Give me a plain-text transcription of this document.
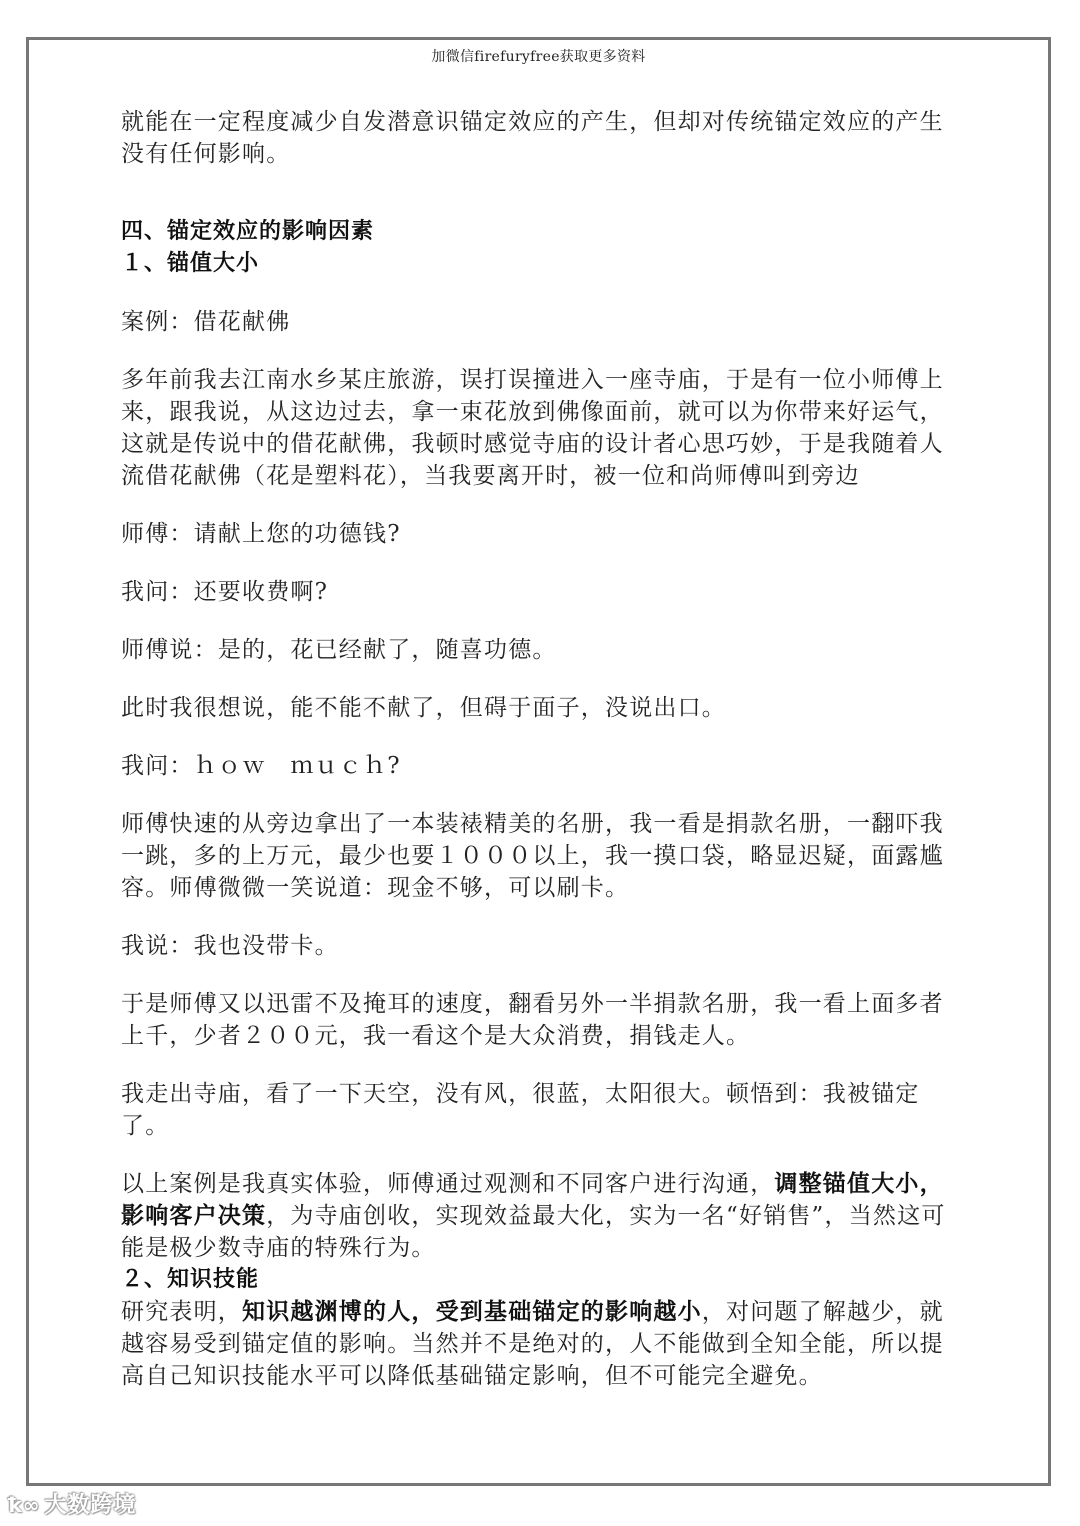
加微信firefuryfree获取更多资料

就能在一定程度减少自发潜意识锚定效应的产生，但却对传统锚定效应的产生没有任何影响。

四、锚定效应的影响因素

１、锚值大小

案例：借花献佛

多年前我去江南水乡某庄旅游，误打误撞进入一座寺庙，于是有一位小师傅上来，跟我说，从这边过去，拿一束花放到佛像面前，就可以为你带来好运气，这就是传说中的借花献佛，我顿时感觉寺庙的设计者心思巧妙，于是我随着人流借花献佛（花是塑料花），当我要离开时，被一位和尚师傅叫到旁边

师傅：请献上您的功德钱?

我问：还要收费啊?

师傅说：是的，花已经献了，随喜功德。

此时我很想说，能不能不献了，但碍于面子，没说出口。

我问：ｈｏｗ　ｍｕｃｈ?

师傅快速的从旁边拿出了一本装裱精美的名册，我一看是捐款名册，一翻吓我一跳，多的上万元，最少也要１０００以上，我一摸口袋，略显迟疑，面露尴容。师傅微微一笑说道：现金不够，可以刷卡。

我说：我也没带卡。

于是师傅又以迅雷不及掩耳的速度，翻看另外一半捐款名册，我一看上面多者上千，少者２００元，我一看这个是大众消费，捐钱走人。

我走出寺庙，看了一下天空，没有风，很蓝，太阳很大。顿悟到：我被锚定了。

以上案例是我真实体验，师傅通过观测和不同客户进行沟通，调整锚值大小，影响客户决策，为寺庙创收，实现效益最大化，实为一名“好销售”，当然这可能是极少数寺庙的特殊行为。

２、知识技能

研究表明，知识越渊博的人，受到基础锚定的影响越小，对问题了解越少，就越容易受到锚定值的影响。当然并不是绝对的，人不能做到全知全能，所以提高自己知识技能水平可以降低基础锚定影响，但不可能完全避免。

ꝁ∞ 大数跨境
